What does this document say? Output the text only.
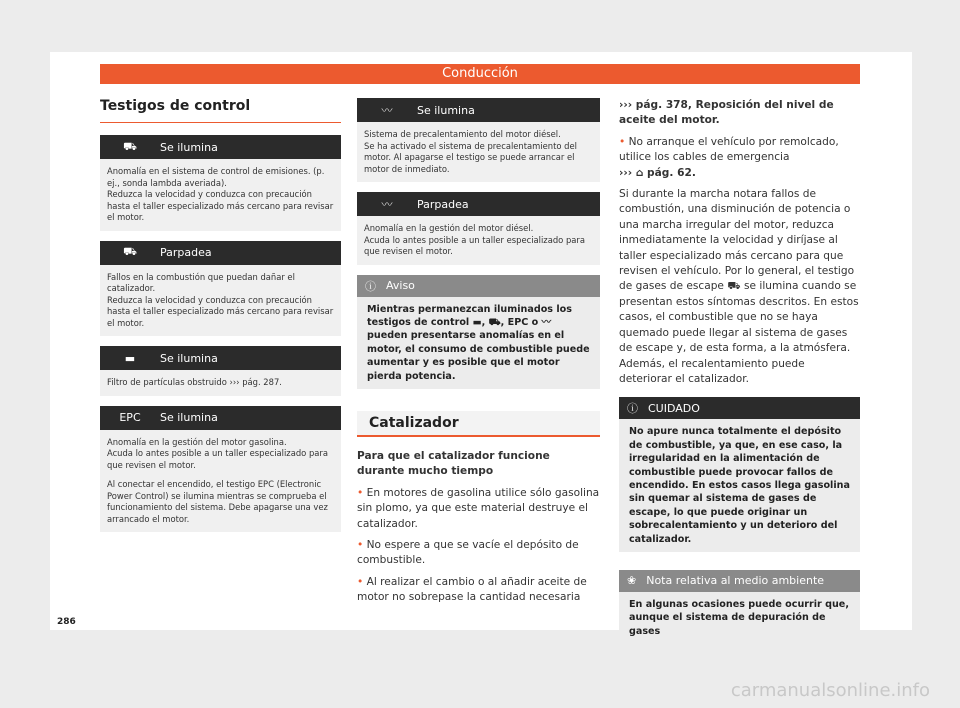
Conducción
Testigos de control
⛟	Se ilumina

Anomalía en el sistema de control de emisiones. (p. ej., sonda lambda averiada).
Reduzca la velocidad y conduzca con precaución hasta el taller especializado más cercano para revisar el motor.

⛟	Parpadea

Fallos en la combustión que puedan dañar el catalizador.
Reduzca la velocidad y conduzca con precaución hasta el taller especializado más cercano para revisar el motor.

▬	Se ilumina

Filtro de partículas obstruido ››› pág. 287.

EPC	Se ilumina

Anomalía en la gestión del motor gasolina.
Acuda lo antes posible a un taller especializado para que revisen el motor.

Al conectar el encendido, el testigo EPC (Electronic Power Control) se ilumina mientras se comprueba el funcionamiento del sistema. Debe apagarse una vez arrancado el motor.

〰	Se ilumina

Sistema de precalentamiento del motor diésel.
Se ha activado el sistema de precalentamiento del motor. Al apagarse el testigo se puede arrancar el motor de inmediato.

〰	Parpadea

Anomalía en la gestión del motor diésel.
Acuda lo antes posible a un taller especializado para que revisen el motor.

ⓘ Aviso
Mientras permanezcan iluminados los testigos de control ▬, ⛟, EPC o 〰 pueden presentarse anomalías en el motor, el consumo de combustible puede aumentar y es posible que el motor pierda potencia.
Catalizador

Para que el catalizador funcione durante mucho tiempo

• En motores de gasolina utilice sólo gasolina sin plomo, ya que este material destruye el catalizador.

• No espere a que se vacíe el depósito de combustible.

• Al realizar el cambio o al añadir aceite de motor no sobrepase la cantidad necesaria

››› pág. 378, Reposición del nivel de aceite del motor.

• No arranque el vehículo por remolcado, utilice los cables de emergencia
››› ⌂ pág. 62.

Si durante la marcha notara fallos de combustión, una disminución de potencia o una marcha irregular del motor, reduzca inmediatamente la velocidad y diríjase al taller especializado más cercano para que revisen el vehículo. Por lo general, el testigo de gases de escape ⛟ se ilumina cuando se presentan estos síntomas descritos. En estos casos, el combustible que no se haya quemado puede llegar al sistema de gases de escape y, de esta forma, a la atmósfera. Además, el recalentamiento puede deteriorar el catalizador.

ⓘ CUIDADO
No apure nunca totalmente el depósito de combustible, ya que, en ese caso, la irregularidad en la alimentación de combustible puede provocar fallos de encendido. En estos casos llega gasolina sin quemar al sistema de gases de escape, lo que puede originar un sobrecalentamiento y un deterioro del catalizador.
❀ Nota relativa al medio ambiente
En algunas ocasiones puede ocurrir que, aunque el sistema de depuración de gases
286
carmanualsonline.info
